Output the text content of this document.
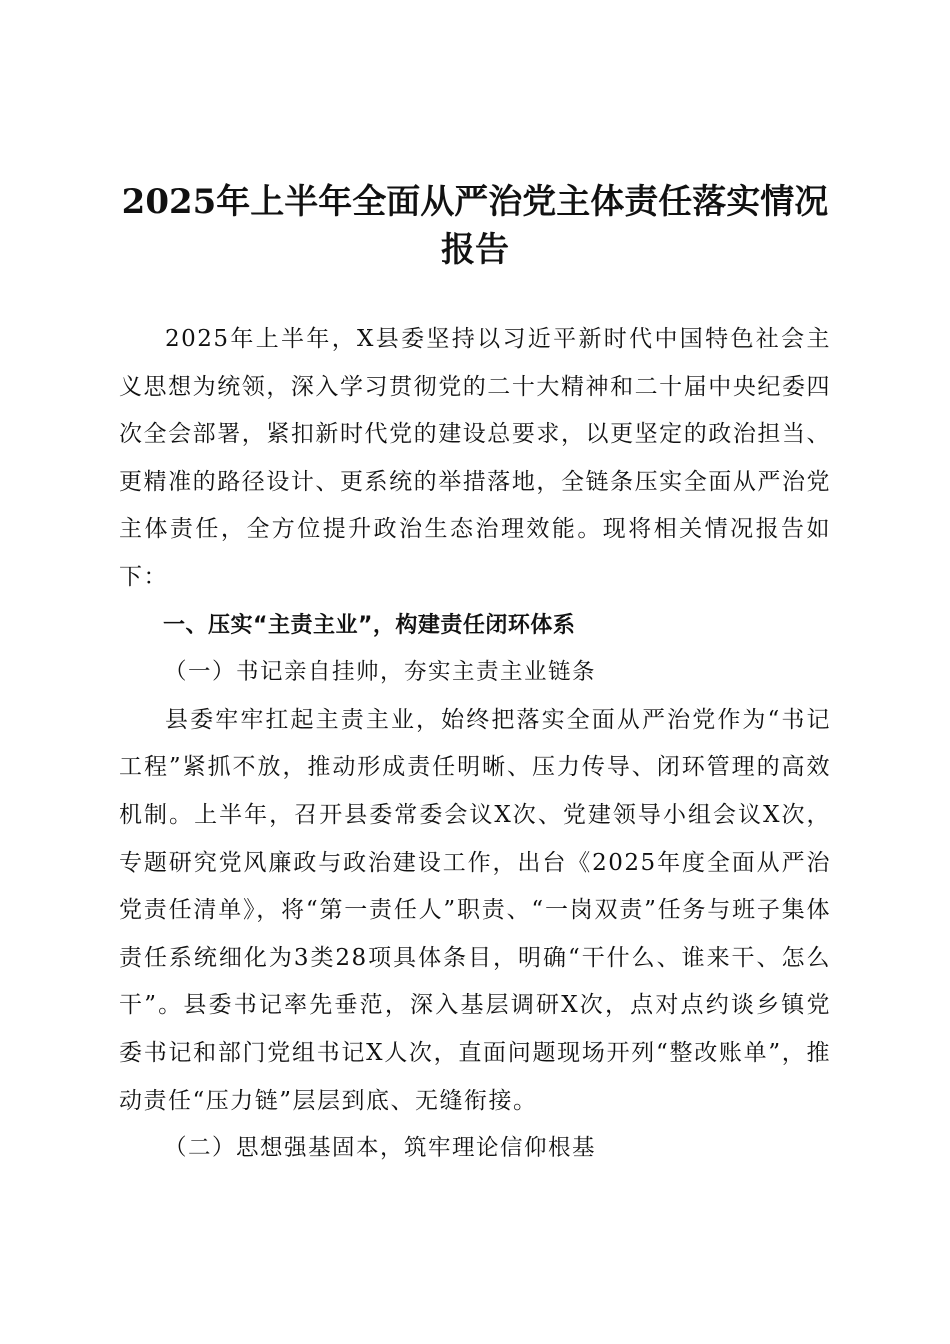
2025年上半年全面从严治党主体责任落实情况报告

2025年上半年，X县委坚持以习近平新时代中国特色社会主义思想为统领，深入学习贯彻党的二十大精神和二十届中央纪委四次全会部署，紧扣新时代党的建设总要求，以更坚定的政治担当、更精准的路径设计、更系统的举措落地，全链条压实全面从严治党主体责任，全方位提升政治生态治理效能。现将相关情况报告如下：

一、压实“主责主业”，构建责任闭环体系

（一）书记亲自挂帅，夯实主责主业链条

县委牢牢扛起主责主业，始终把落实全面从严治党作为“书记工程”紧抓不放，推动形成责任明晰、压力传导、闭环管理的高效机制。上半年，召开县委常委会议X次、党建领导小组会议X次，专题研究党风廉政与政治建设工作，出台《2025年度全面从严治党责任清单》，将“第一责任人”职责、“一岗双责”任务与班子集体责任系统细化为3类28项具体条目，明确“干什么、谁来干、怎么干”。县委书记率先垂范，深入基层调研X次，点对点约谈乡镇党委书记和部门党组书记X人次，直面问题现场开列“整改账单”，推动责任“压力链”层层到底、无缝衔接。

（二）思想强基固本，筑牢理论信仰根基
